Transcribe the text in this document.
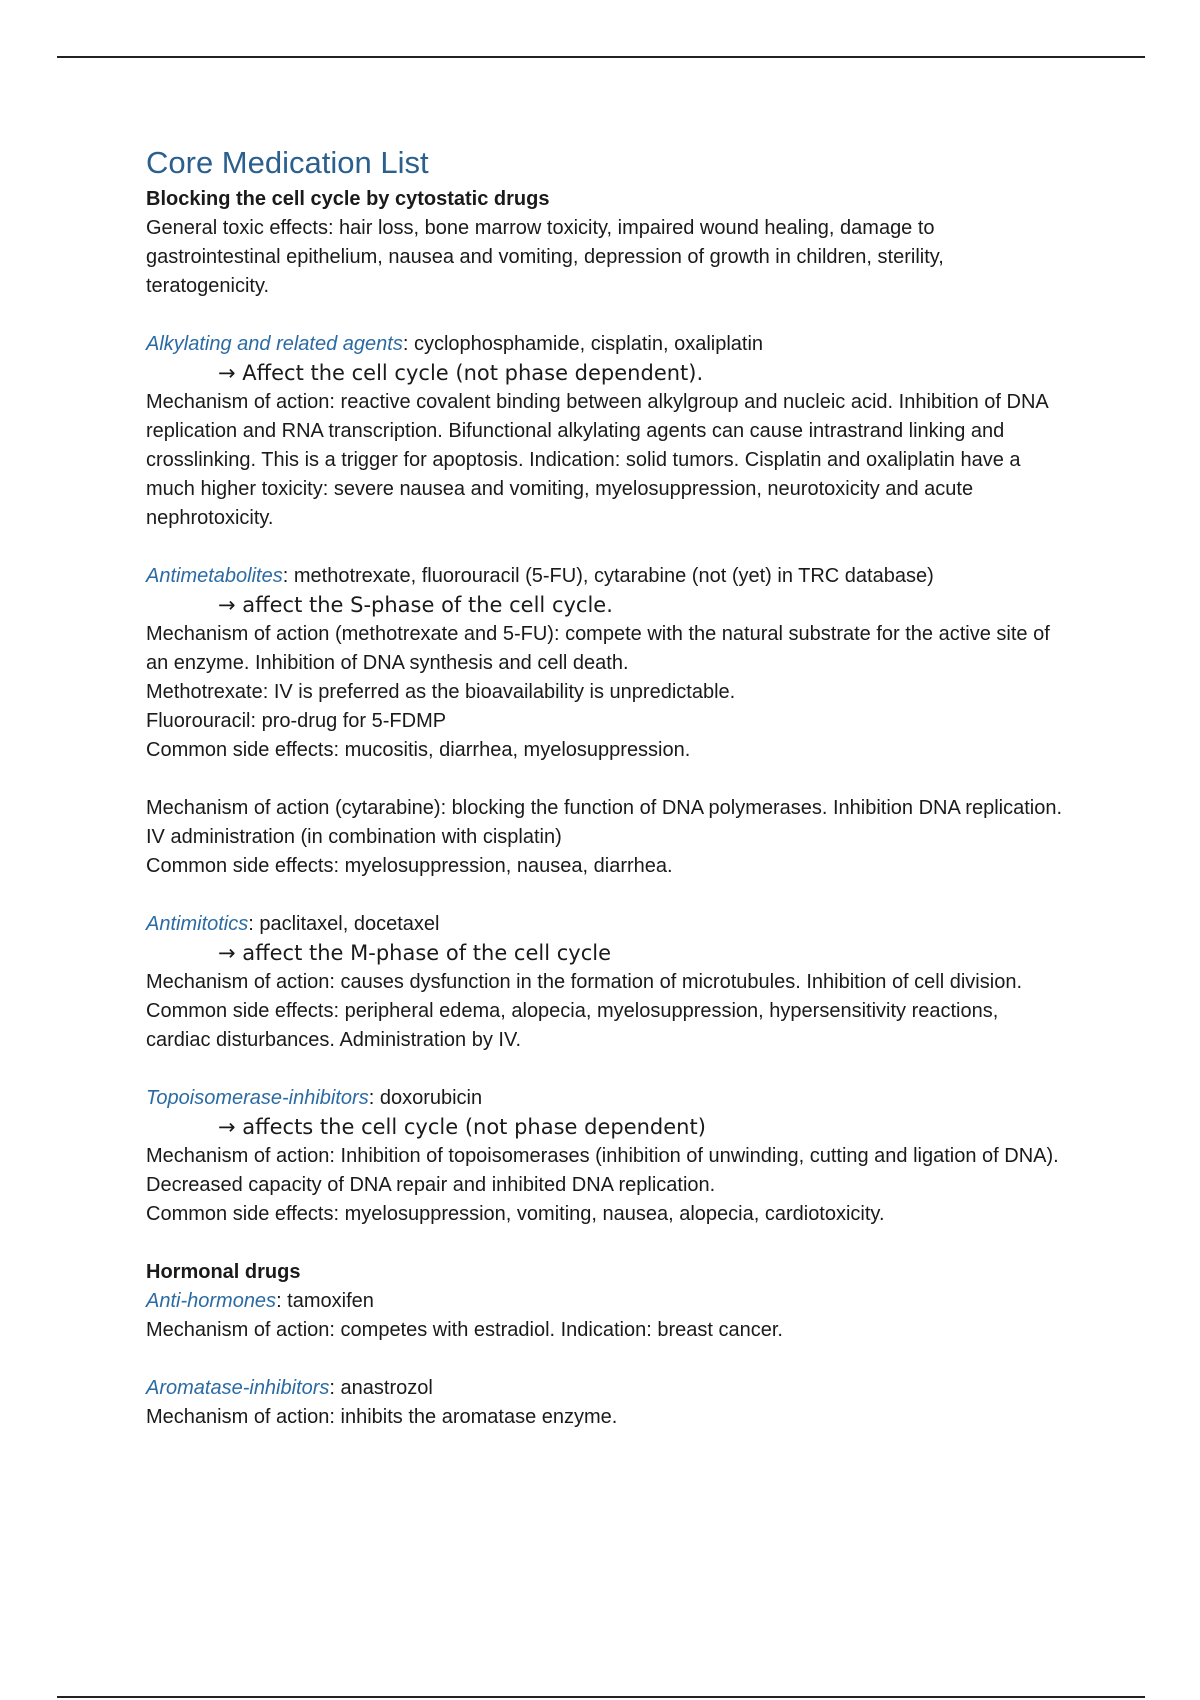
Core Medication List

Blocking the cell cycle by cytostatic drugs

General toxic effects: hair loss, bone marrow toxicity, impaired wound healing, damage to gastrointestinal epithelium, nausea and vomiting, depression of growth in children, sterility, teratogenicity.

Alkylating and related agents: cyclophosphamide, cisplatin, oxaliplatin

→ Affect the cell cycle (not phase dependent).

Mechanism of action: reactive covalent binding between alkylgroup and nucleic acid. Inhibition of DNA replication and RNA transcription. Bifunctional alkylating agents can cause intrastrand linking and crosslinking. This is a trigger for apoptosis. Indication: solid tumors. Cisplatin and oxaliplatin have a much higher toxicity: severe nausea and vomiting, myelosuppression, neurotoxicity and acute nephrotoxicity.

Antimetabolites: methotrexate, fluorouracil (5-FU), cytarabine (not (yet) in TRC database)

→ affect the S-phase of the cell cycle.

Mechanism of action (methotrexate and 5-FU): compete with the natural substrate for the active site of an enzyme. Inhibition of DNA synthesis and cell death.

Methotrexate: IV is preferred as the bioavailability is unpredictable.

Fluorouracil: pro-drug for 5-FDMP

Common side effects: mucositis, diarrhea, myelosuppression.

Mechanism of action (cytarabine): blocking the function of DNA polymerases. Inhibition DNA replication. IV administration (in combination with cisplatin)

Common side effects: myelosuppression, nausea, diarrhea.

Antimitotics: paclitaxel, docetaxel

→ affect the M-phase of the cell cycle

Mechanism of action: causes dysfunction in the formation of microtubules. Inhibition of cell division.

Common side effects: peripheral edema, alopecia, myelosuppression, hypersensitivity reactions, cardiac disturbances. Administration by IV.

Topoisomerase-inhibitors: doxorubicin

→ affects the cell cycle (not phase dependent)

Mechanism of action: Inhibition of topoisomerases (inhibition of unwinding, cutting and ligation of DNA). Decreased capacity of DNA repair and inhibited DNA replication.

Common side effects: myelosuppression, vomiting, nausea, alopecia, cardiotoxicity.

Hormonal drugs

Anti-hormones: tamoxifen

Mechanism of action: competes with estradiol. Indication: breast cancer.

Aromatase-inhibitors: anastrozol

Mechanism of action: inhibits the aromatase enzyme.
